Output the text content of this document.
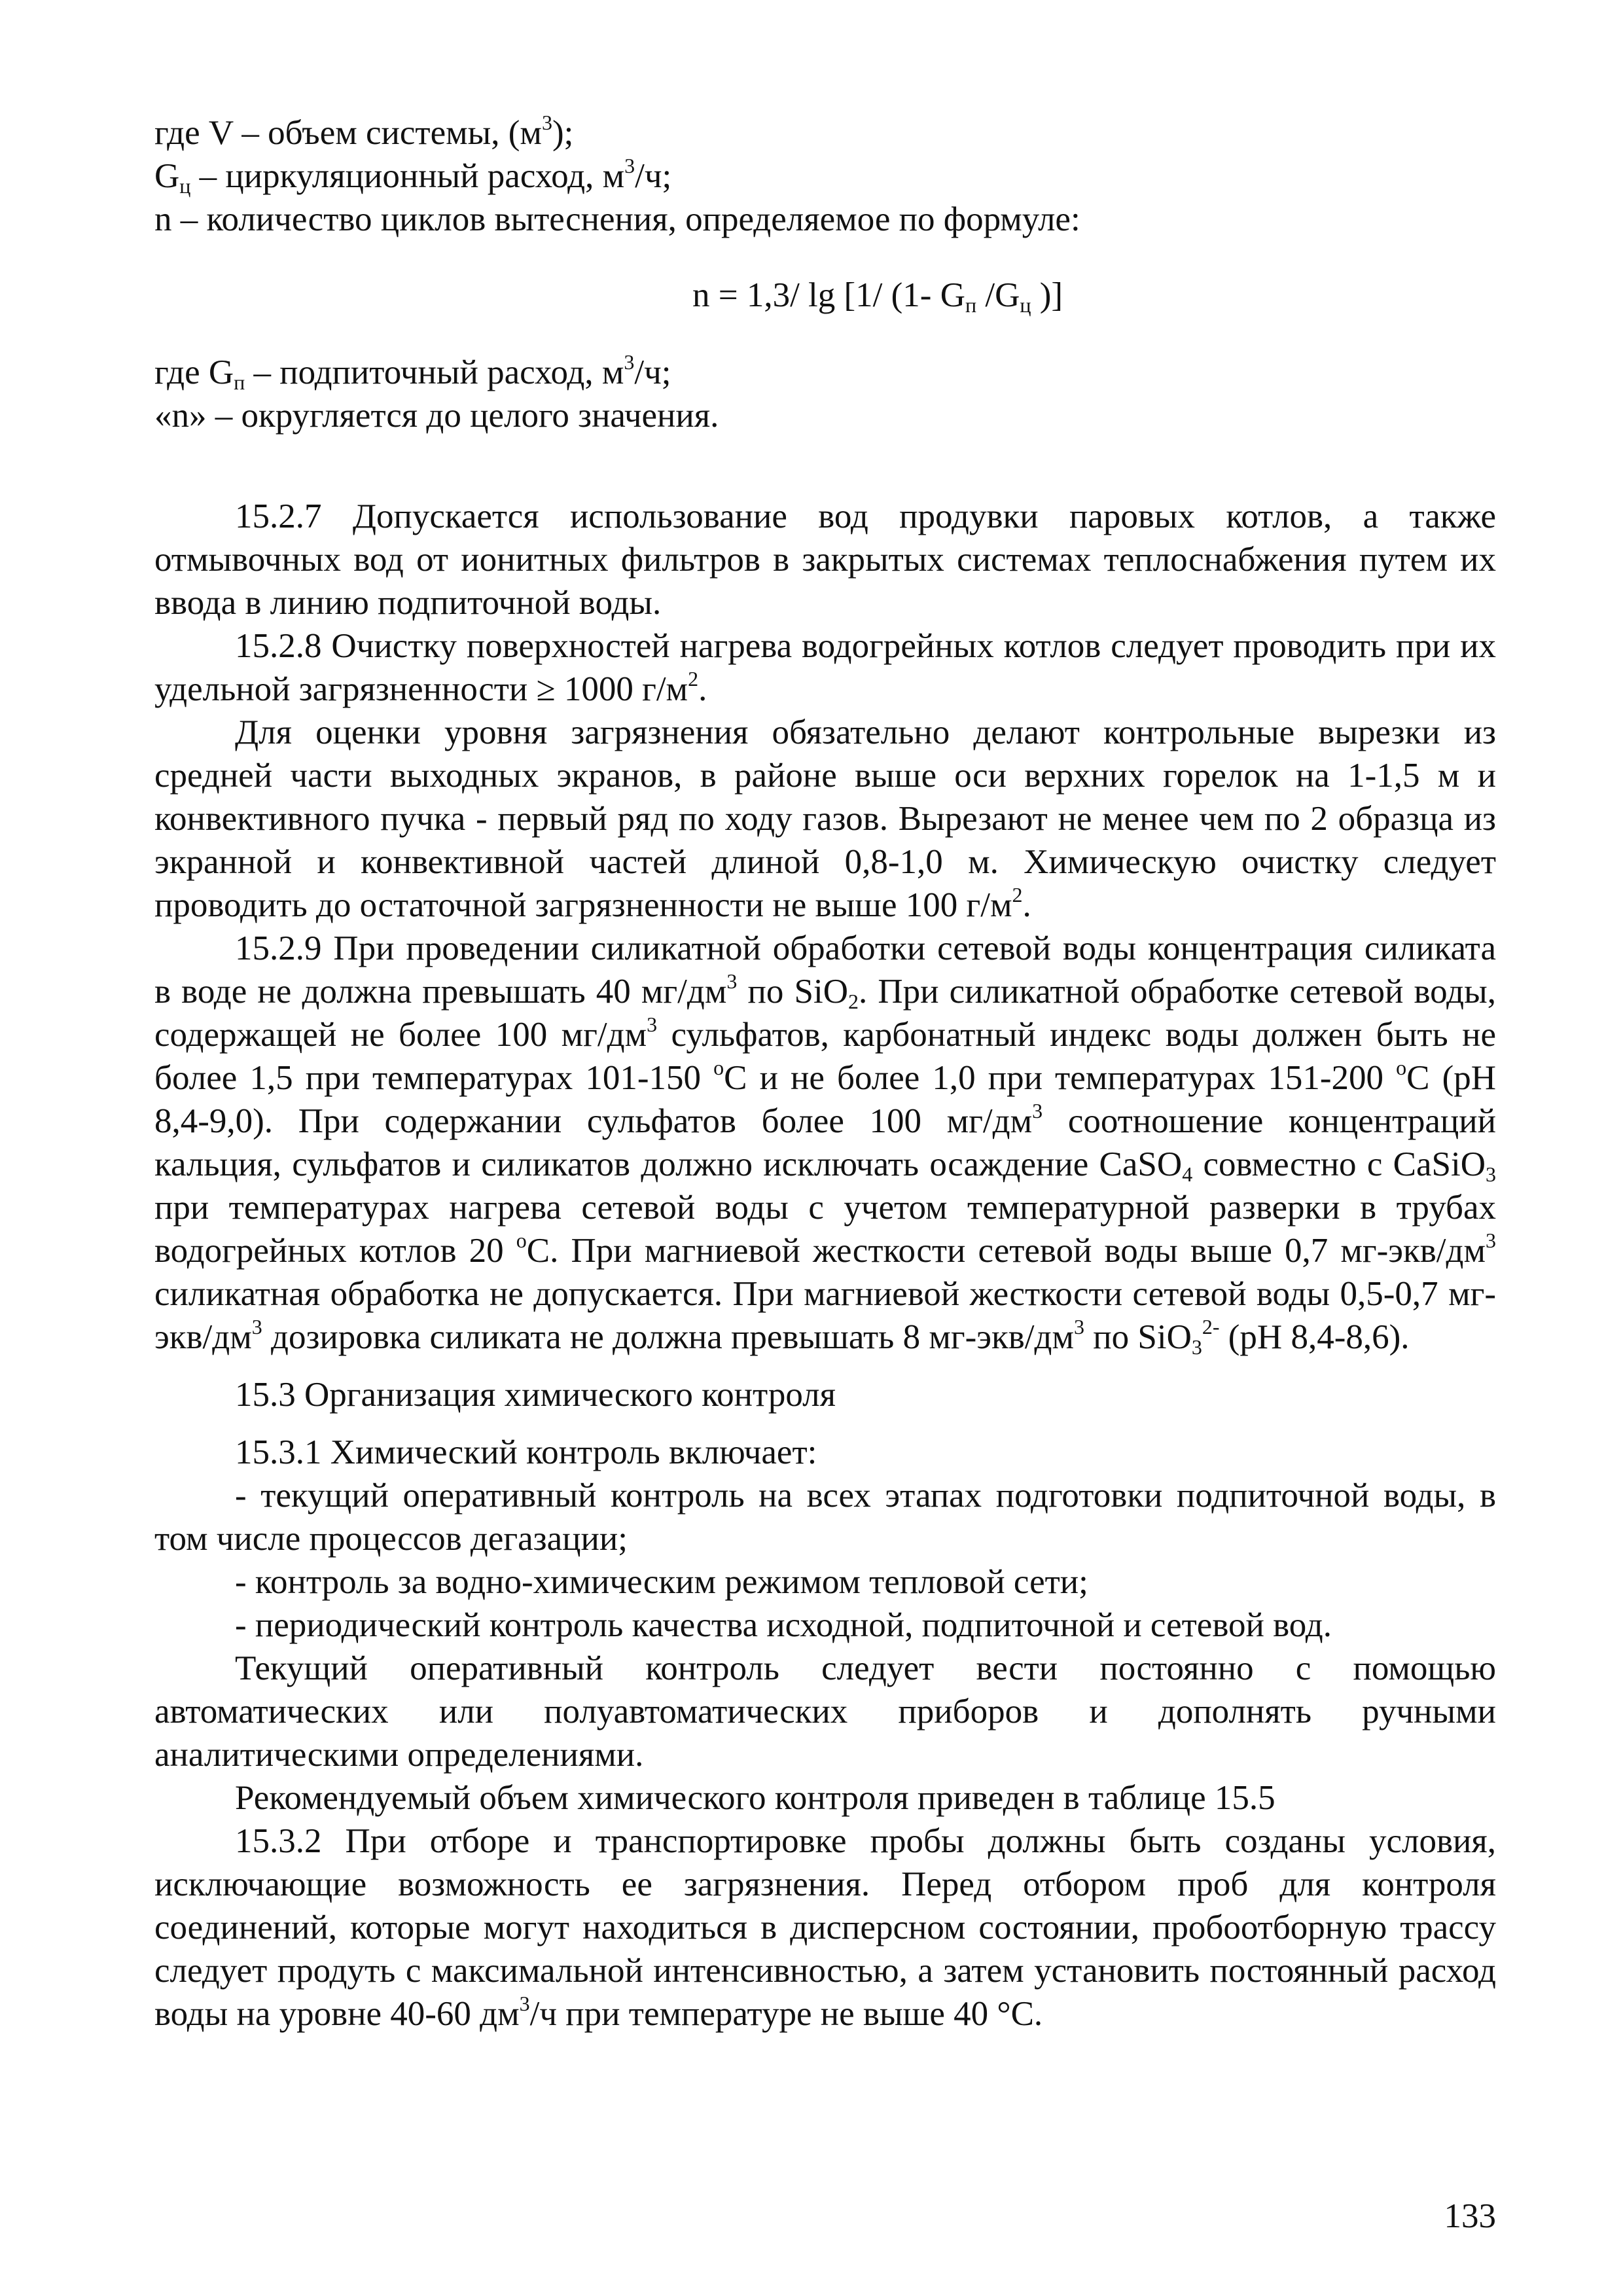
где V – объем системы, $(м^3)$;
$G_ц$ – циркуляционный расход, $м^3/ч$;
n – количество циклов вытеснения, определяемое по формуле:
n = 1,3/ lg [1/ (1- $G_п$ $/G_ц$ )]
где $G_п$ – подпиточный расход, $м^3/ч$;
«n» – округляется до целого значения.

15.2.7 Допускается использование вод продувки паровых котлов, а также отмывочных вод от ионитных фильтров в закрытых системах теплоснабжения путем их ввода в линию подпиточной воды.

15.2.8 Очистку поверхностей нагрева водогрейных котлов следует проводить при их удельной загрязненности ≥ 1000 $г/м^2$.

Для оценки уровня загрязнения обязательно делают контрольные вырезки из средней части выходных экранов, в районе выше оси верхних горелок на 1-1,5 м и конвективного пучка - первый ряд по ходу газов. Вырезают не менее чем по 2 образца из экранной и конвективной частей длиной 0,8-1,0 м. Химическую очистку следует проводить до остаточной загрязненности не выше 100 $г/м^2$.

15.2.9 При проведении силикатной обработки сетевой воды концентрация силиката в воде не должна превышать 40 $мг/дм^3$ по SiO$_2$. При силикатной обработке сетевой воды, содержащей не более 100 $мг/дм^3$ сульфатов, карбонатный индекс воды должен быть не более 1,5 при температурах 101-150 $^о$С и не более 1,0 при температурах 151-200 $^о$С (рН 8,4-9,0). При содержании сульфатов более 100 $мг/дм^3$ соотношение концентраций кальция, сульфатов и силикатов должно исключать осаждение CaSO$_4$ совместно с CaSiO$_3$ при температурах нагрева сетевой воды с учетом температурной разверки в трубах водогрейных котлов 20 $^о$С. При магниевой жесткости сетевой воды выше 0,7 $мг-экв/дм^3$ силикатная обработка не допускается. При магниевой жесткости сетевой воды 0,5-0,7 $мг-экв/дм^3$ дозировка силиката не должна превышать 8 $мг-экв/дм^3$ по SiO$_3^{2-}$ (рН 8,4-8,6).

15.3 Организация химического контроля

15.3.1 Химический контроль включает:

- текущий оперативный контроль на всех этапах подготовки подпиточной воды, в том числе процессов дегазации;

- контроль за водно-химическим режимом тепловой сети;

- периодический контроль качества исходной, подпиточной и сетевой вод.

Текущий оперативный контроль следует вести постоянно с помощью автоматических или полуавтоматических приборов и дополнять ручными аналитическими определениями.

Рекомендуемый объем химического контроля приведен в таблице 15.5

15.3.2 При отборе и транспортировке пробы должны быть созданы условия, исключающие возможность ее загрязнения. Перед отбором проб для контроля соединений, которые могут находиться в дисперсном состоянии, пробоотборную трассу следует продуть с максимальной интенсивностью, а затем установить постоянный расход воды на уровне 40-60 $дм^3/ч$ при температуре не выше 40 °С.

133
